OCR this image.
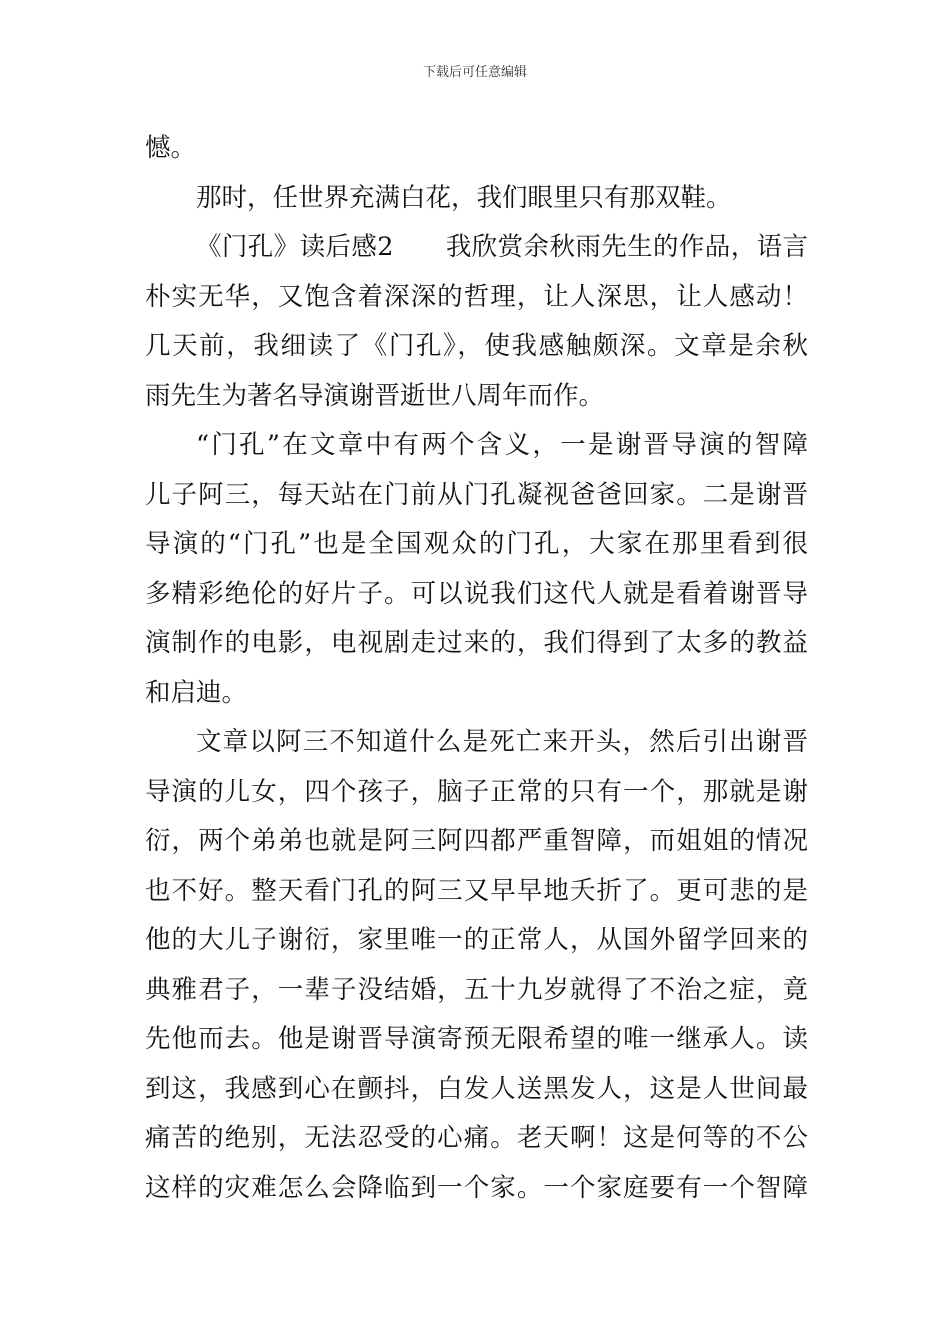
下载后可任意编辑

憾。

那时，任世界充满白花，我们眼里只有那双鞋。

《门孔》读后感2 我欣赏余秋雨先生的作品，语言
朴实无华，又饱含着深深的哲理，让人深思，让人感动！
几天前，我细读了《门孔》，使我感触颇深。文章是余秋
雨先生为著名导演谢晋逝世八周年而作。

“门孔”在文章中有两个含义，一是谢晋导演的智障
儿子阿三，每天站在门前从门孔凝视爸爸回家。二是谢晋
导演的“门孔”也是全国观众的门孔，大家在那里看到很
多精彩绝伦的好片子。可以说我们这代人就是看着谢晋导
演制作的电影，电视剧走过来的，我们得到了太多的教益
和启迪。

文章以阿三不知道什么是死亡来开头，然后引出谢晋
导演的儿女，四个孩子，脑子正常的只有一个，那就是谢
衍，两个弟弟也就是阿三阿四都严重智障，而姐姐的情况
也不好。整天看门孔的阿三又早早地夭折了。更可悲的是
他的大儿子谢衍，家里唯一的正常人，从国外留学回来的
典雅君子，一辈子没结婚，五十九岁就得了不治之症，竟
先他而去。他是谢晋导演寄预无限希望的唯一继承人。读
到这，我感到心在颤抖，白发人送黑发人，这是人世间最
痛苦的绝别，无法忍受的心痛。老天啊！这是何等的不公
这样的灾难怎么会降临到一个家。一个家庭要有一个智障
